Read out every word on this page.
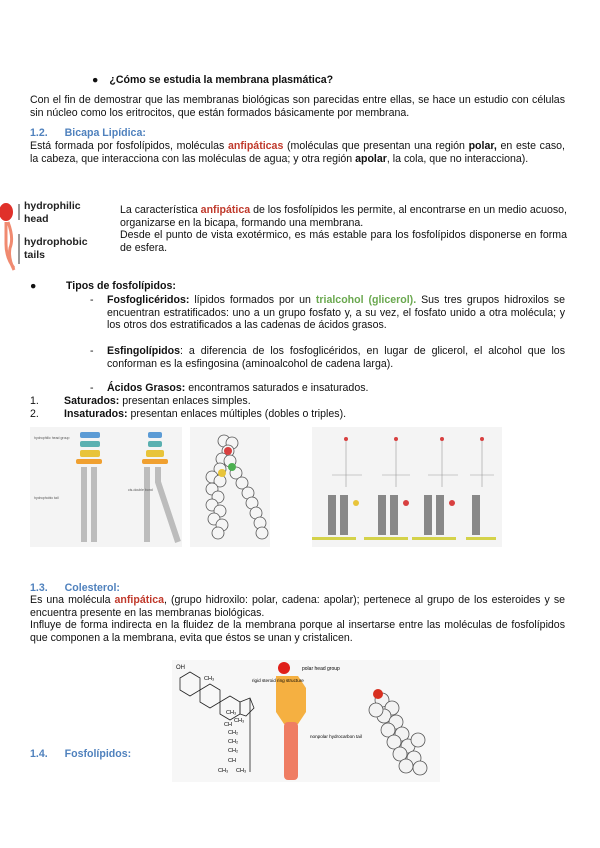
● ¿Cómo se estudia la membrana plasmática?
Con el fin de demostrar que las membranas biológicas son parecidas entre ellas, se hace un estudio con células sin núcleo como los eritrocitos, que están formados básicamente por membrana.
1.2. Bicapa Lipídica:
Está formada por fosfolípidos, moléculas anfipáticas (moléculas que presentan una región polar, en este caso, la cabeza, que interacciona con las moléculas de agua; y otra región apolar, la cola, que no interacciona).
hydrophilic head
hydrophobic tails
La característica anfipática de los fosfolípidos les permite, al encontrarse en un medio acuoso, organizarse en la bicapa, formando una membrana.
Desde el punto de vista exotérmico, es más estable para los fosfolípidos disponerse en forma de esfera.
●	Tipos de fosfolípidos:
- Fosfoglicéridos: lípidos formados por un trialcohol (glicerol). Sus tres grupos hidroxilos se encuentran estratificados: uno a un grupo fosfato y, a su vez, el fosfato unido a otra molécula; y los otros dos estratificados a las cadenas de ácidos grasos.
- Esfingolípidos: a diferencia de los fosfoglicéridos, en lugar de glicerol, el alcohol que los conforman es la esfingosina (aminoalcohol de cadena larga).
- Ácidos Grasos: encontramos saturados e insaturados.
1. Saturados: presentan enlaces simples.
2. Insaturados: presentan enlaces múltiples (dobles o triples).
hydrophilic head group
hydrophobic tail
cis-double bond
1.3. Colesterol:
Es una molécula anfipática, (grupo hidroxilo: polar, cadena: apolar); pertenece al grupo de los esteroides y se encuentra presente en las membranas biológicas.
Influye de forma indirecta en la fluidez de la membrana porque al insertarse entre las moléculas de fosfolípidos que componen a la membrana, evita que éstos se unan y cristalicen.
OH
CH₃
CH₃
CH
CH₂
CH₂
CH₂
CH
CH₃
CH₃ CH₃
polar head group
rigid steroid ring structure
nonpolar hydrocarbon tail
1.4. Fosfolípidos:
